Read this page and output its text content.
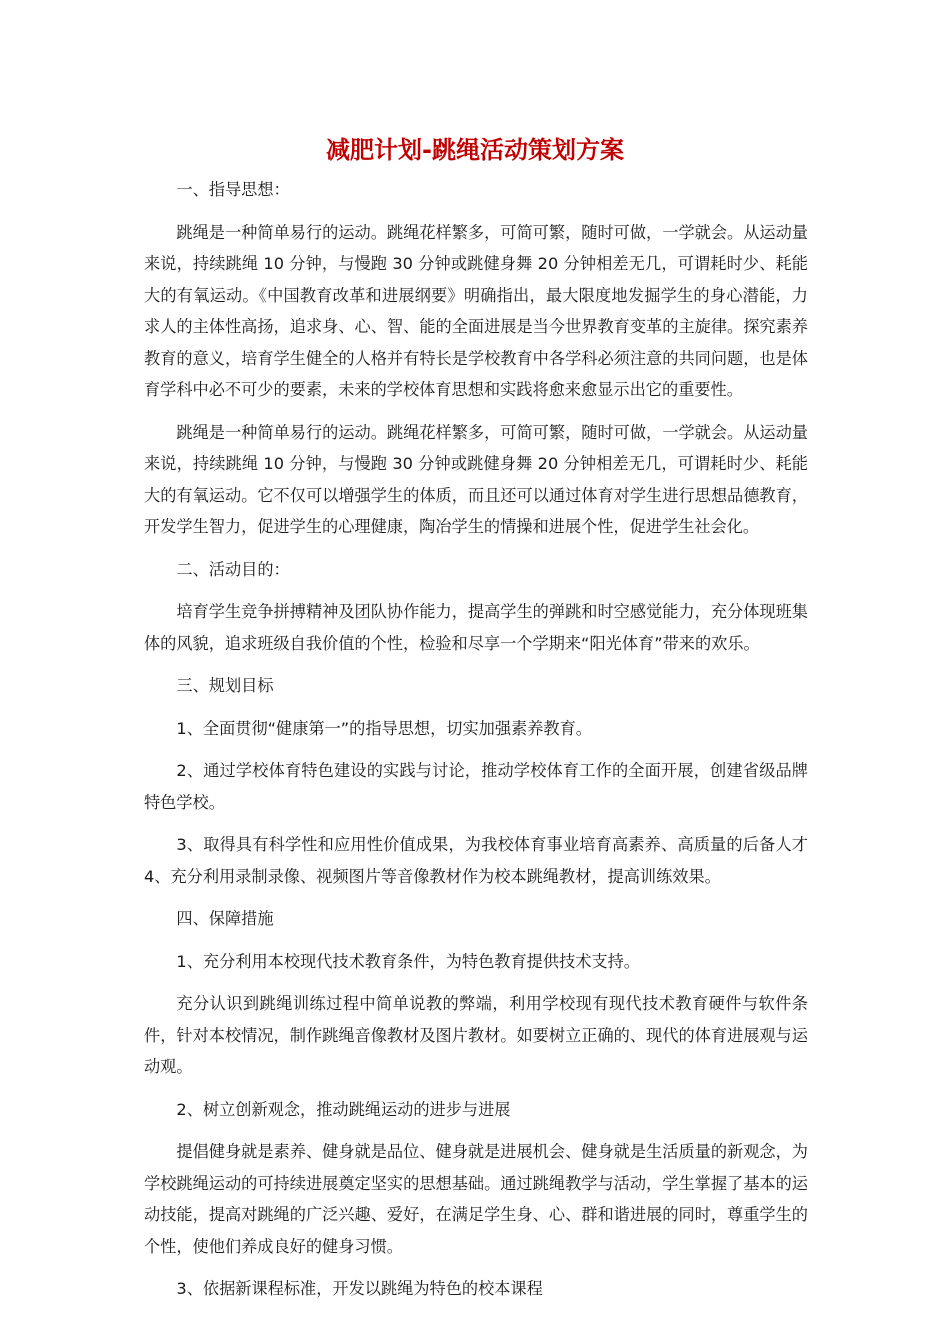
减肥计划-跳绳活动策划方案

一、指导思想：

跳绳是一种简单易行的运动。跳绳花样繁多，可简可繁，随时可做，一学就会。从运动量来说，持续跳绳 10 分钟，与慢跑 30 分钟或跳健身舞 20 分钟相差无几，可谓耗时少、耗能大的有氧运动。《中国教育改革和进展纲要》明确指出，最大限度地发掘学生的身心潜能，力求人的主体性高扬，追求身、心、智、能的全面进展是当今世界教育变革的主旋律。探究素养教育的意义，培育学生健全的人格并有特长是学校教育中各学科必须注意的共同问题，也是体育学科中必不可少的要素，未来的学校体育思想和实践将愈来愈显示出它的重要性。

跳绳是一种简单易行的运动。跳绳花样繁多，可简可繁，随时可做，一学就会。从运动量来说，持续跳绳 10 分钟，与慢跑 30 分钟或跳健身舞 20 分钟相差无几，可谓耗时少、耗能大的有氧运动。它不仅可以增强学生的体质，而且还可以通过体育对学生进行思想品德教育，开发学生智力，促进学生的心理健康，陶冶学生的情操和进展个性，促进学生社会化。

二、活动目的：

培育学生竞争拼搏精神及团队协作能力，提高学生的弹跳和时空感觉能力，充分体现班集体的风貌，追求班级自我价值的个性，检验和尽享一个学期来“阳光体育”带来的欢乐。

三、规划目标

1、全面贯彻“健康第一”的指导思想，切实加强素养教育。

2、通过学校体育特色建设的实践与讨论，推动学校体育工作的全面开展，创建省级品牌特色学校。

3、取得具有科学性和应用性价值成果，为我校体育事业培育高素养、高质量的后备人才 4、充分利用录制录像、视频图片等音像教材作为校本跳绳教材，提高训练效果。

四、保障措施

1、充分利用本校现代技术教育条件，为特色教育提供技术支持。

充分认识到跳绳训练过程中简单说教的弊端，利用学校现有现代技术教育硬件与软件条件，针对本校情况，制作跳绳音像教材及图片教材。如要树立正确的、现代的体育进展观与运动观。

2、树立创新观念，推动跳绳运动的进步与进展

提倡健身就是素养、健身就是品位、健身就是进展机会、健身就是生活质量的新观念，为学校跳绳运动的可持续进展奠定坚实的思想基础。通过跳绳教学与活动，学生掌握了基本的运动技能，提高对跳绳的广泛兴趣、爱好，在满足学生身、心、群和谐进展的同时，尊重学生的个性，使他们养成良好的健身习惯。

3、依据新课程标准，开发以跳绳为特色的校本课程
